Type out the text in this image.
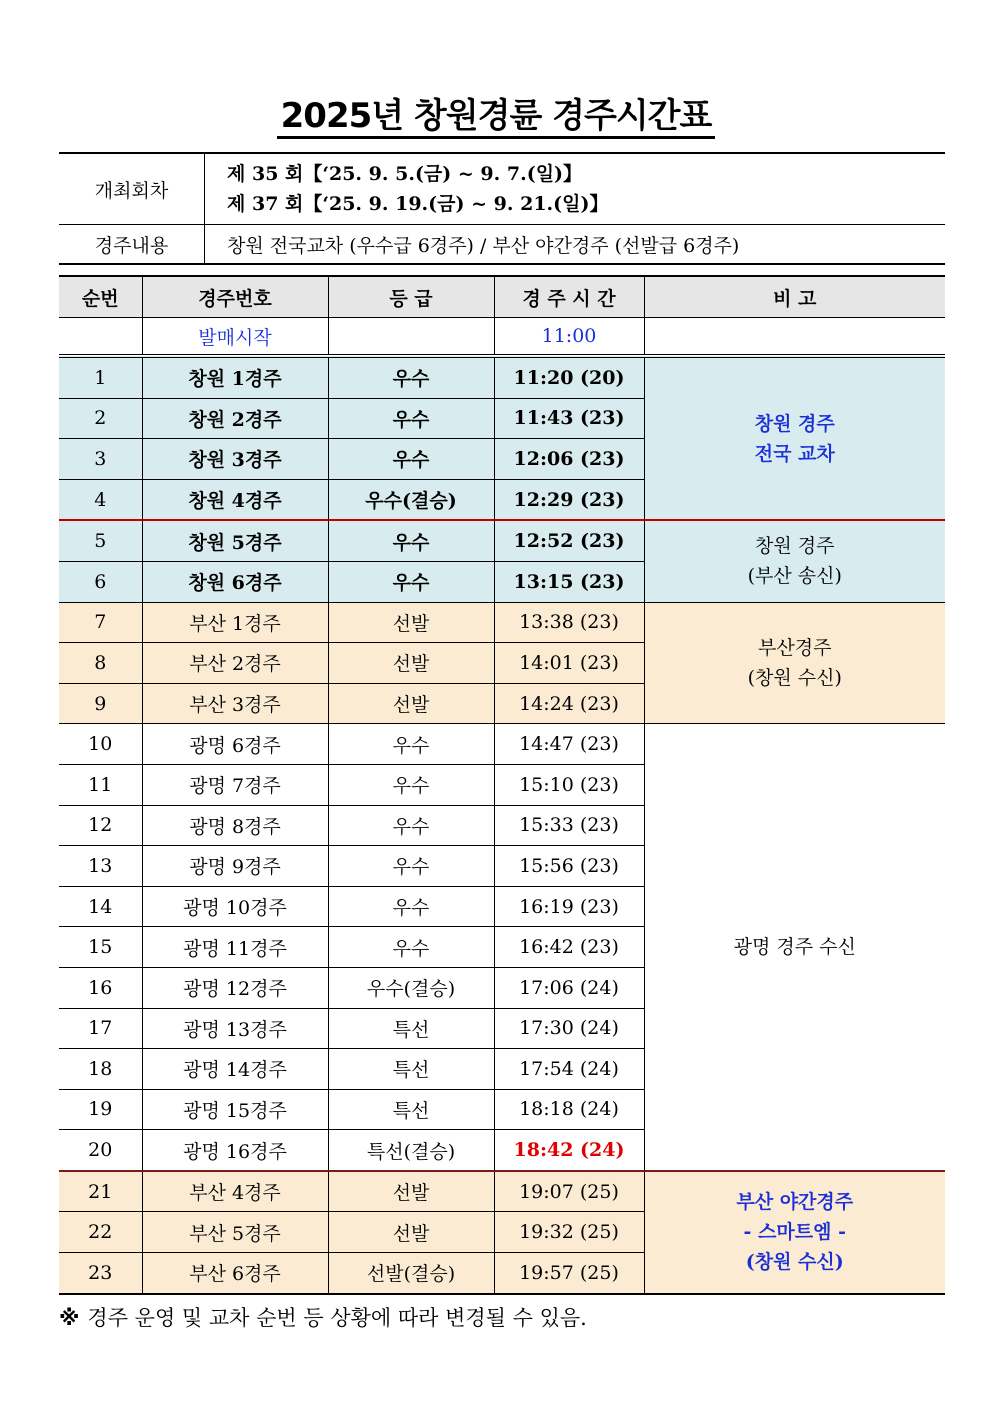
2025년 창원경륜 경주시간표
개최회차	제 35 회【‘25. 9. 5.(금) ~ 9. 7.(일)】
제 37 회【‘25. 9. 19.(금) ~ 9. 21.(일)】

경주내용	창원 전국교차 (우수급 6경주) / 부산 야간경주 (선발급 6경주)
순번	경주번호	등 급	경 주 시 간	비 고
	발매시작		11:00	
1	창원 1경주	우수	11:20 (20)	창원 경주
전국 교차

2	창원 2경주	우수	11:43 (23)	
3	창원 3경주	우수	12:06 (23)	
4	창원 4경주	우수(결승)	12:29 (23)	
5	창원 5경주	우수	12:52 (23)	창원 경주
(부산 송신)

6	창원 6경주	우수	13:15 (23)	
7	부산 1경주	선발	13:38 (23)	부산경주
(창원 수신)

8	부산 2경주	선발	14:01 (23)	
9	부산 3경주	선발	14:24 (23)	
10	광명 6경주	우수	14:47 (23)	광명 경주 수신

11	광명 7경주	우수	15:10 (23)	
12	광명 8경주	우수	15:33 (23)	
13	광명 9경주	우수	15:56 (23)	
14	광명 10경주	우수	16:19 (23)	
15	광명 11경주	우수	16:42 (23)	
16	광명 12경주	우수(결승)	17:06 (24)	
17	광명 13경주	특선	17:30 (24)	
18	광명 14경주	특선	17:54 (24)	
19	광명 15경주	특선	18:18 (24)	
20	광명 16경주	특선(결승)	18:42 (24)	
21	부산 4경주	선발	19:07 (25)	부산 야간경주
- 스마트엠 -
(창원 수신)

22	부산 5경주	선발	19:32 (25)	
23	부산 6경주	선발(결승)	19:57 (25)	
※ 경주 운영 및 교차 순번 등 상황에 따라 변경될 수 있음.
